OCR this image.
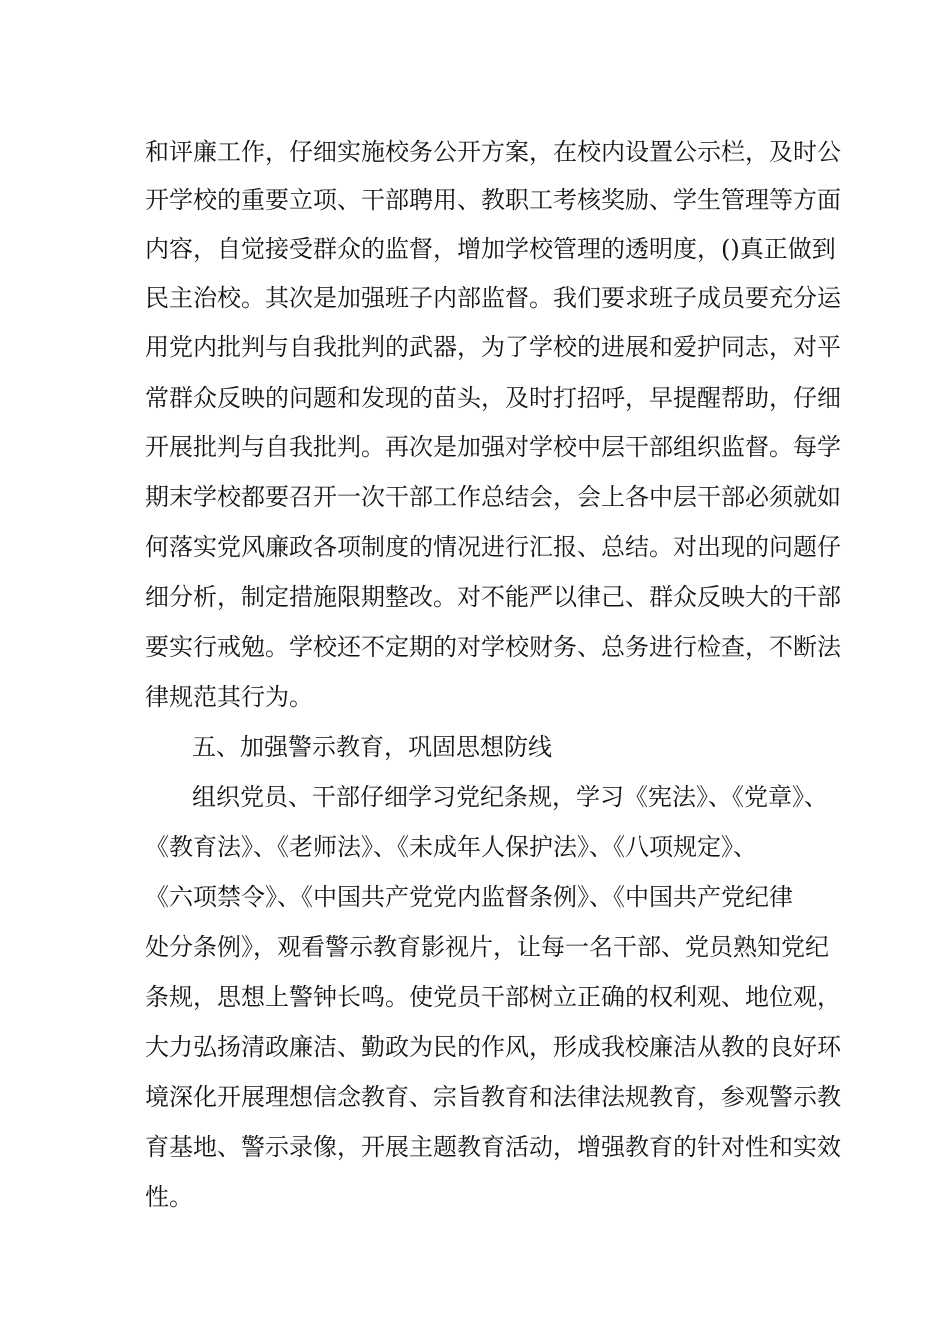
和评廉工作，仔细实施校务公开方案，在校内设置公示栏，及时公
开学校的重要立项、干部聘用、教职工考核奖励、学生管理等方面
内容，自觉接受群众的监督，增加学校管理的透明度，()真正做到
民主治校。其次是加强班子内部监督。我们要求班子成员要充分运
用党内批判与自我批判的武器，为了学校的进展和爱护同志，对平
常群众反映的问题和发现的苗头，及时打招呼，早提醒帮助，仔细
开展批判与自我批判。再次是加强对学校中层干部组织监督。每学
期末学校都要召开一次干部工作总结会，会上各中层干部必须就如
何落实党风廉政各项制度的情况进行汇报、总结。对出现的问题仔
细分析，制定措施限期整改。对不能严以律己、群众反映大的干部
要实行戒勉。学校还不定期的对学校财务、总务进行检查，不断法
律规范其行为。
五、加强警示教育，巩固思想防线
组织党员、干部仔细学习党纪条规，学习《宪法》、《党章》、
《教育法》、《老师法》、《未成年人保护法》、《八项规定》、
《六项禁令》、《中国共产党党内监督条例》、《中国共产党纪律
处分条例》，观看警示教育影视片，让每一名干部、党员熟知党纪
条规，思想上警钟长鸣。使党员干部树立正确的权利观、地位观，
大力弘扬清政廉洁、勤政为民的作风，形成我校廉洁从教的良好环
境深化开展理想信念教育、宗旨教育和法律法规教育，参观警示教
育基地、警示录像，开展主题教育活动，增强教育的针对性和实效
性。
